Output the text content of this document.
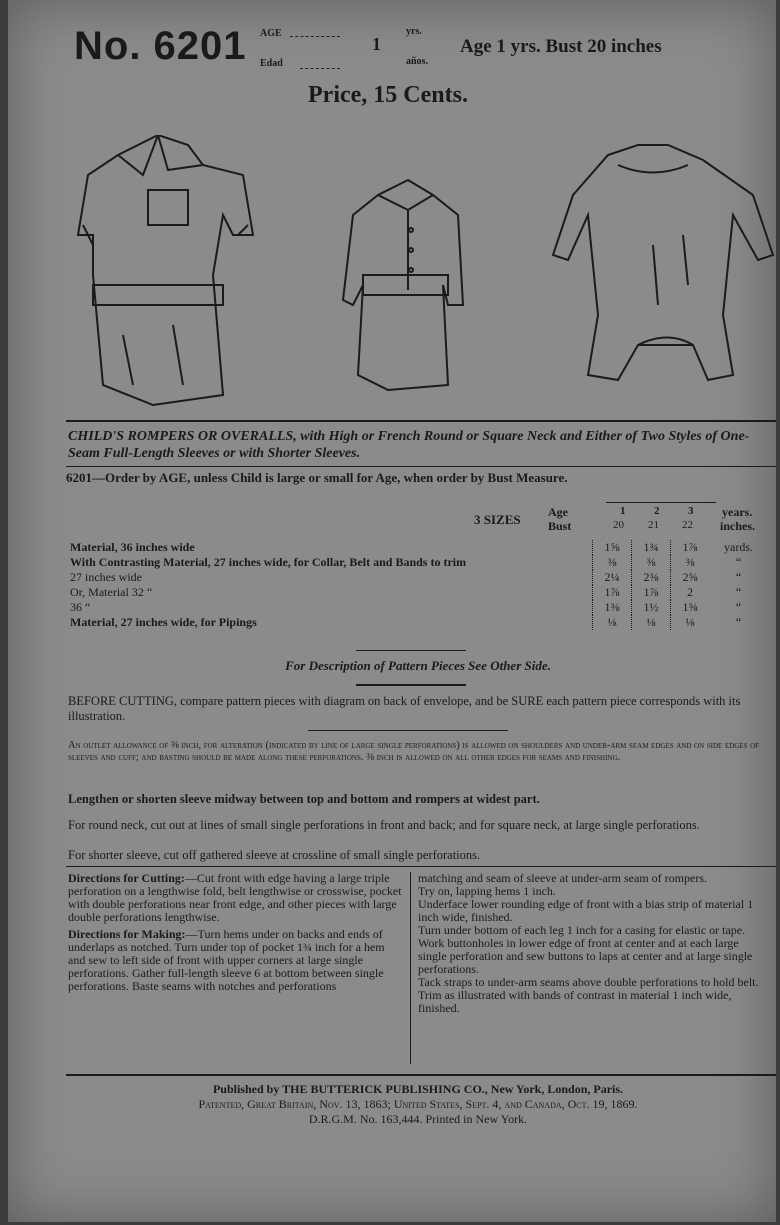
No. 6201 AGE
Edad
1
yrs.
años.
Age 1 yrs. Bust 20 inches
Price, 15 Cents.
CHILD'S ROMPERS OR OVERALLS, with High or French Round or Square Neck and Either of Two Styles of One-Seam Full-Length Sleeves or with Shorter Sleeves.
6201—Order by AGE, unless Child is large or small for Age, when order by Bust Measure.
3 SIZES Age
Bust
1	2	3
20 21 22
years.
inches.
Material, 36 inches wide	1⅝	1¾	1⅞	yards.
With Contrasting Material, 27 inches wide, for Collar, Belt and Bands to trim	⅜	⅜	⅜	“
27 inches wide	2¼	2⅜	2⅝	“
Or, Material 32 “	1⅞	1⅞	2	“
36 “	1⅜	1½	1⅝	“
Material, 27 inches wide, for Pipings	⅛	⅛	⅛	“
For Description of Pattern Pieces See Other Side.
BEFORE CUTTING, compare pattern pieces with diagram on back of envelope, and be SURE each pattern piece corresponds with its illustration.
An outlet allowance of ⅜ inch, for alteration (indicated by line of large single perforations) is allowed on shoulders and under-arm seam edges and on side edges of sleeves and cuff; and basting should be made along these perforations. ⅜ inch is allowed on all other edges for seams and finishing.
Lengthen or shorten sleeve midway between top and bottom and rompers at widest part.
For round neck, cut out at lines of small single perforations in front and back; and for square neck, at large single perforations.
For shorter sleeve, cut off gathered sleeve at crossline of small single perforations.
Directions for Cutting:—Cut front with edge having a large triple perforation on a lengthwise fold, belt lengthwise or crosswise, pocket with double perforations near front edge, and other pieces with large double perforations lengthwise.
Directions for Making:—Turn hems under on backs and ends of underlaps as notched. Turn under top of pocket 1¾ inch for a hem and sew to left side of front with upper corners at large single perforations. Gather full-length sleeve 6 at bottom between single perforations. Baste seams with notches and perforations
matching and seam of sleeve at under-arm seam of rompers.
Try on, lapping hems 1 inch.
Underface lower rounding edge of front with a bias strip of material 1 inch wide, finished.
Turn under bottom of each leg 1 inch for a casing for elastic or tape.
Work buttonholes in lower edge of front at center and at each large single perforation and sew buttons to laps at center and at large single perforations.
Tack straps to under-arm seams above double perforations to hold belt.
Trim as illustrated with bands of contrast in material 1 inch wide, finished.
Published by THE BUTTERICK PUBLISHING CO., New York, London, Paris.
Patented, Great Britain, Nov. 13, 1863; United States, Sept. 4, and Canada, Oct. 19, 1869.
D.R.G.M. No. 163,444. Printed in New York.
